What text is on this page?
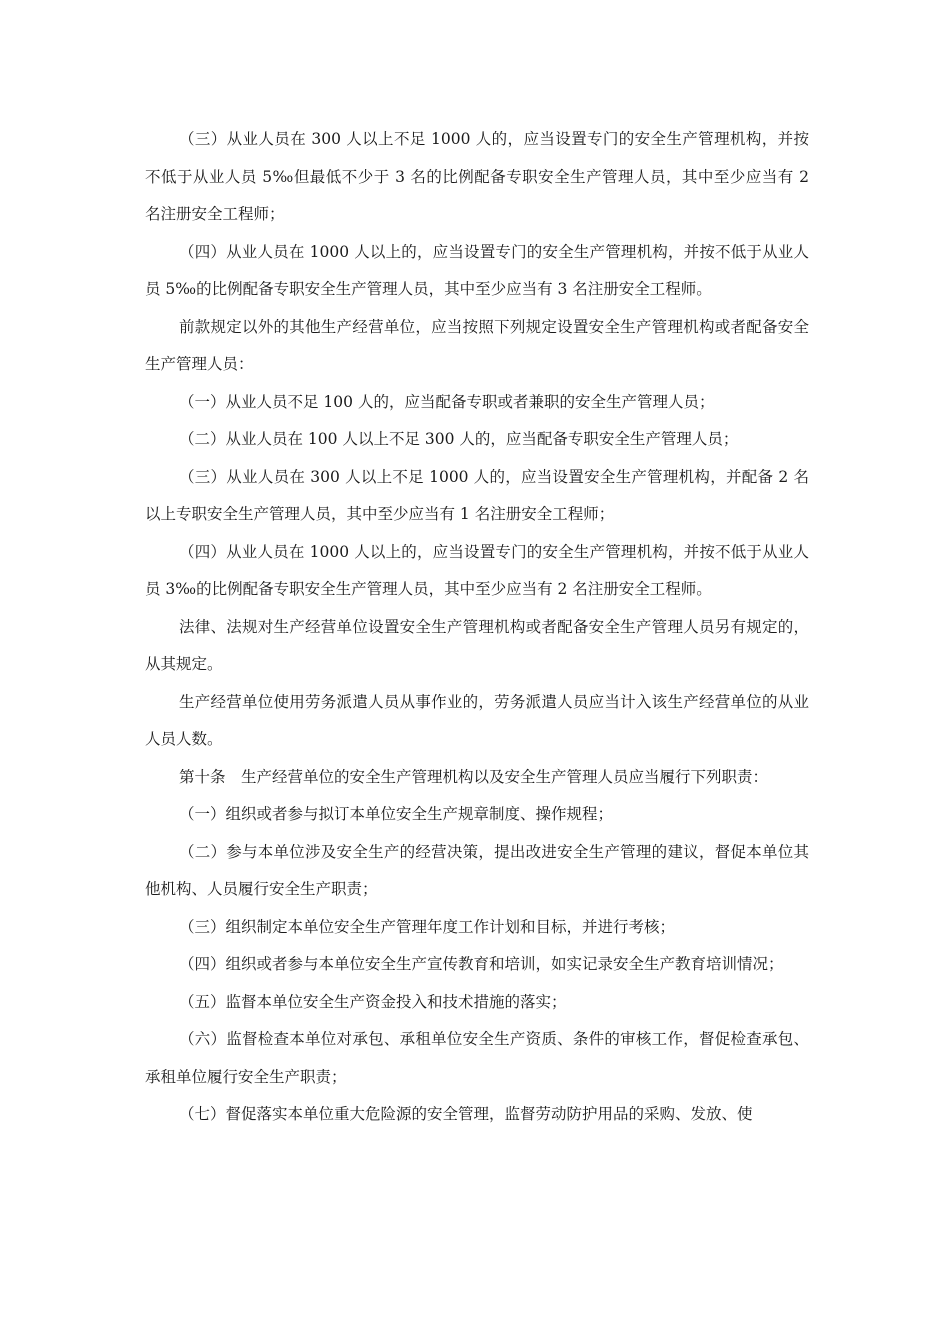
（三）从业人员在 300 人以上不足 1000 人的，应当设置专门的安全生产管理机构，并按不低于从业人员 5‰但最低不少于 3 名的比例配备专职安全生产管理人员，其中至少应当有 2 名注册安全工程师；

（四）从业人员在 1000 人以上的，应当设置专门的安全生产管理机构，并按不低于从业人员 5‰的比例配备专职安全生产管理人员，其中至少应当有 3 名注册安全工程师。

前款规定以外的其他生产经营单位，应当按照下列规定设置安全生产管理机构或者配备安全生产管理人员：

（一）从业人员不足 100 人的，应当配备专职或者兼职的安全生产管理人员；

（二）从业人员在 100 人以上不足 300 人的，应当配备专职安全生产管理人员；

（三）从业人员在 300 人以上不足 1000 人的，应当设置安全生产管理机构，并配备 2 名以上专职安全生产管理人员，其中至少应当有 1 名注册安全工程师；

（四）从业人员在 1000 人以上的，应当设置专门的安全生产管理机构，并按不低于从业人员 3‰的比例配备专职安全生产管理人员，其中至少应当有 2 名注册安全工程师。

法律、法规对生产经营单位设置安全生产管理机构或者配备安全生产管理人员另有规定的，从其规定。

生产经营单位使用劳务派遣人员从事作业的，劳务派遣人员应当计入该生产经营单位的从业人员人数。

第十条　生产经营单位的安全生产管理机构以及安全生产管理人员应当履行下列职责：

（一）组织或者参与拟订本单位安全生产规章制度、操作规程；

（二）参与本单位涉及安全生产的经营决策，提出改进安全生产管理的建议，督促本单位其他机构、人员履行安全生产职责；

（三）组织制定本单位安全生产管理年度工作计划和目标，并进行考核；

（四）组织或者参与本单位安全生产宣传教育和培训，如实记录安全生产教育培训情况；

（五）监督本单位安全生产资金投入和技术措施的落实；

（六）监督检查本单位对承包、承租单位安全生产资质、条件的审核工作，督促检查承包、承租单位履行安全生产职责；

（七）督促落实本单位重大危险源的安全管理，监督劳动防护用品的采购、发放、使
